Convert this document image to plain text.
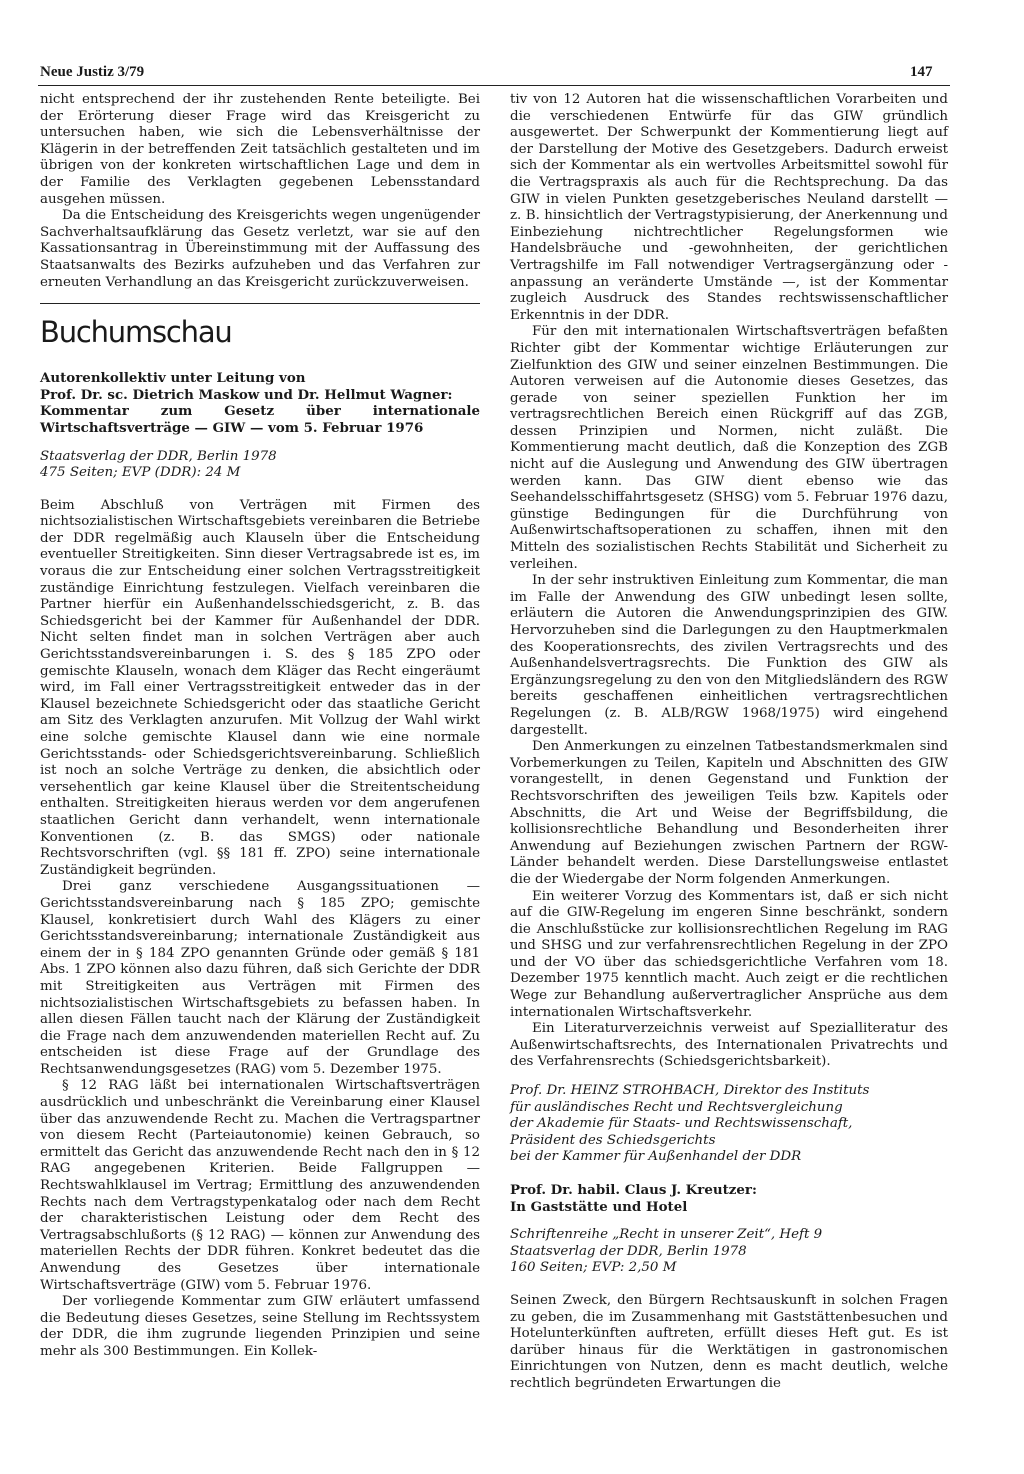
Neue Justiz 3/79	147

nicht entsprechend der ihr zustehenden Rente beteiligte. Bei der Erörterung dieser Frage wird das Kreisgericht zu untersuchen haben, wie sich die Lebensverhältnisse der Klägerin in der betreffenden Zeit tatsächlich gestalteten und im übrigen von der konkreten wirtschaftlichen Lage und dem in der Familie des Verklagten gegebenen Lebensstandard ausgehen müssen.

Da die Entscheidung des Kreisgerichts wegen ungenügender Sachverhaltsaufklärung das Gesetz verletzt, war sie auf den Kassationsantrag in Übereinstimmung mit der Auffassung des Staatsanwalts des Bezirks aufzuheben und das Verfahren zur erneuten Verhandlung an das Kreisgericht zurückzuverweisen.

Buchumschau
Autorenkollektiv unter Leitung von
Prof. Dr. sc. Dietrich Maskow und Dr. Hellmut Wagner:
Kommentar zum Gesetz über internationale Wirtschaftsverträge — GIW — vom 5. Februar 1976
Staatsverlag der DDR, Berlin 1978
475 Seiten; EVP (DDR): 24 M

Beim Abschluß von Verträgen mit Firmen des nichtsozialistischen Wirtschaftsgebiets vereinbaren die Betriebe der DDR regelmäßig auch Klauseln über die Entscheidung eventueller Streitigkeiten. Sinn dieser Vertragsabrede ist es, im voraus die zur Entscheidung einer solchen Vertragsstreitigkeit zuständige Einrichtung festzulegen. Vielfach vereinbaren die Partner hierfür ein Außenhandelsschiedsgericht, z. B. das Schiedsgericht bei der Kammer für Außenhandel der DDR. Nicht selten findet man in solchen Verträgen aber auch Gerichtsstandsvereinbarungen i. S. des § 185 ZPO oder gemischte Klauseln, wonach dem Kläger das Recht eingeräumt wird, im Fall einer Vertragsstreitigkeit entweder das in der Klausel bezeichnete Schiedsgericht oder das staatliche Gericht am Sitz des Verklagten anzurufen. Mit Vollzug der Wahl wirkt eine solche gemischte Klausel dann wie eine normale Gerichtsstands- oder Schiedsgerichtsvereinbarung. Schließlich ist noch an solche Verträge zu denken, die absichtlich oder versehentlich gar keine Klausel über die Streitentscheidung enthalten. Streitigkeiten hieraus werden vor dem angerufenen staatlichen Gericht dann verhandelt, wenn internationale Konventionen (z. B. das SMGS) oder nationale Rechtsvorschriften (vgl. §§ 181 ff. ZPO) seine internationale Zuständigkeit begründen.

Drei ganz verschiedene Ausgangssituationen — Gerichtsstandsvereinbarung nach § 185 ZPO; gemischte Klausel, konkretisiert durch Wahl des Klägers zu einer Gerichtsstandsvereinbarung; internationale Zuständigkeit aus einem der in § 184 ZPO genannten Gründe oder gemäß § 181 Abs. 1 ZPO können also dazu führen, daß sich Gerichte der DDR mit Streitigkeiten aus Verträgen mit Firmen des nichtsozialistischen Wirtschaftsgebiets zu befassen haben. In allen diesen Fällen taucht nach der Klärung der Zuständigkeit die Frage nach dem anzuwendenden materiellen Recht auf. Zu entscheiden ist diese Frage auf der Grundlage des Rechtsanwendungsgesetzes (RAG) vom 5. Dezember 1975.

§ 12 RAG läßt bei internationalen Wirtschaftsverträgen ausdrücklich und unbeschränkt die Vereinbarung einer Klausel über das anzuwendende Recht zu. Machen die Vertragspartner von diesem Recht (Parteiautonomie) keinen Gebrauch, so ermittelt das Gericht das anzuwendende Recht nach den in § 12 RAG angegebenen Kriterien. Beide Fallgruppen — Rechtswahlklausel im Vertrag; Ermittlung des anzuwendenden Rechts nach dem Vertragstypenkatalog oder nach dem Recht der charakteristischen Leistung oder dem Recht des Vertragsabschlußorts (§ 12 RAG) — können zur Anwendung des materiellen Rechts der DDR führen. Konkret bedeutet das die Anwendung des Gesetzes über internationale Wirtschaftsverträge (GIW) vom 5. Februar 1976.

Der vorliegende Kommentar zum GIW erläutert umfassend die Bedeutung dieses Gesetzes, seine Stellung im Rechtssystem der DDR, die ihm zugrunde liegenden Prinzipien und seine mehr als 300 Bestimmungen. Ein Kollek-

tiv von 12 Autoren hat die wissenschaftlichen Vorarbeiten und die verschiedenen Entwürfe für das GIW gründlich ausgewertet. Der Schwerpunkt der Kommentierung liegt auf der Darstellung der Motive des Gesetzgebers. Dadurch erweist sich der Kommentar als ein wertvolles Arbeitsmittel sowohl für die Vertragspraxis als auch für die Rechtsprechung. Da das GIW in vielen Punkten gesetzgeberisches Neuland darstellt — z. B. hinsichtlich der Vertragstypisierung, der Anerkennung und Einbeziehung nichtrechtlicher Regelungsformen wie Handelsbräuche und -gewohnheiten, der gerichtlichen Vertragshilfe im Fall notwendiger Vertragsergänzung oder -anpassung an veränderte Umstände —, ist der Kommentar zugleich Ausdruck des Standes rechtswissenschaftlicher Erkenntnis in der DDR.

Für den mit internationalen Wirtschaftsverträgen befaßten Richter gibt der Kommentar wichtige Erläuterungen zur Zielfunktion des GIW und seiner einzelnen Bestimmungen. Die Autoren verweisen auf die Autonomie dieses Gesetzes, das gerade von seiner speziellen Funktion her im vertragsrechtlichen Bereich einen Rückgriff auf das ZGB, dessen Prinzipien und Normen, nicht zuläßt. Die Kommentierung macht deutlich, daß die Konzeption des ZGB nicht auf die Auslegung und Anwendung des GIW übertragen werden kann. Das GIW dient ebenso wie das Seehandelsschiffahrtsgesetz (SHSG) vom 5. Februar 1976 dazu, günstige Bedingungen für die Durchführung von Außenwirtschaftsoperationen zu schaffen, ihnen mit den Mitteln des sozialistischen Rechts Stabilität und Sicherheit zu verleihen.

In der sehr instruktiven Einleitung zum Kommentar, die man im Falle der Anwendung des GIW unbedingt lesen sollte, erläutern die Autoren die Anwendungsprinzipien des GIW. Hervorzuheben sind die Darlegungen zu den Hauptmerkmalen des Kooperationsrechts, des zivilen Vertragsrechts und des Außenhandelsvertragsrechts. Die Funktion des GIW als Ergänzungsregelung zu den von den Mitgliedsländern des RGW bereits geschaffenen einheitlichen vertragsrechtlichen Regelungen (z. B. ALB/RGW 1968/1975) wird eingehend dargestellt.

Den Anmerkungen zu einzelnen Tatbestandsmerkmalen sind Vorbemerkungen zu Teilen, Kapiteln und Abschnitten des GIW vorangestellt, in denen Gegenstand und Funktion der Rechtsvorschriften des jeweiligen Teils bzw. Kapitels oder Abschnitts, die Art und Weise der Begriffsbildung, die kollisionsrechtliche Behandlung und Besonderheiten ihrer Anwendung auf Beziehungen zwischen Partnern der RGW-Länder behandelt werden. Diese Darstellungsweise entlastet die der Wiedergabe der Norm folgenden Anmerkungen.

Ein weiterer Vorzug des Kommentars ist, daß er sich nicht auf die GIW-Regelung im engeren Sinne beschränkt, sondern die Anschlußstücke zur kollisionsrechtlichen Regelung im RAG und SHSG und zur verfahrensrechtlichen Regelung in der ZPO und der VO über das schiedsgerichtliche Verfahren vom 18. Dezember 1975 kenntlich macht. Auch zeigt er die rechtlichen Wege zur Behandlung außervertraglicher Ansprüche aus dem internationalen Wirtschaftsverkehr.

Ein Literaturverzeichnis verweist auf Spezialliteratur des Außenwirtschaftsrechts, des Internationalen Privatrechts und des Verfahrensrechts (Schiedsgerichtsbarkeit).

Prof. Dr. HEINZ STROHBACH, Direktor des Instituts
für ausländisches Recht und Rechtsvergleichung
der Akademie für Staats- und Rechtswissenschaft,
Präsident des Schiedsgerichts
bei der Kammer für Außenhandel der DDR
Prof. Dr. habil. Claus J. Kreutzer:
In Gaststätte und Hotel
Schriftenreihe „Recht in unserer Zeit“, Heft 9
Staatsverlag der DDR, Berlin 1978
160 Seiten; EVP: 2,50 M

Seinen Zweck, den Bürgern Rechtsauskunft in solchen Fragen zu geben, die im Zusammenhang mit Gaststättenbesuchen und Hotelunterkünften auftreten, erfüllt dieses Heft gut. Es ist darüber hinaus für die Werktätigen in gastronomischen Einrichtungen von Nutzen, denn es macht deutlich, welche rechtlich begründeten Erwartungen die
